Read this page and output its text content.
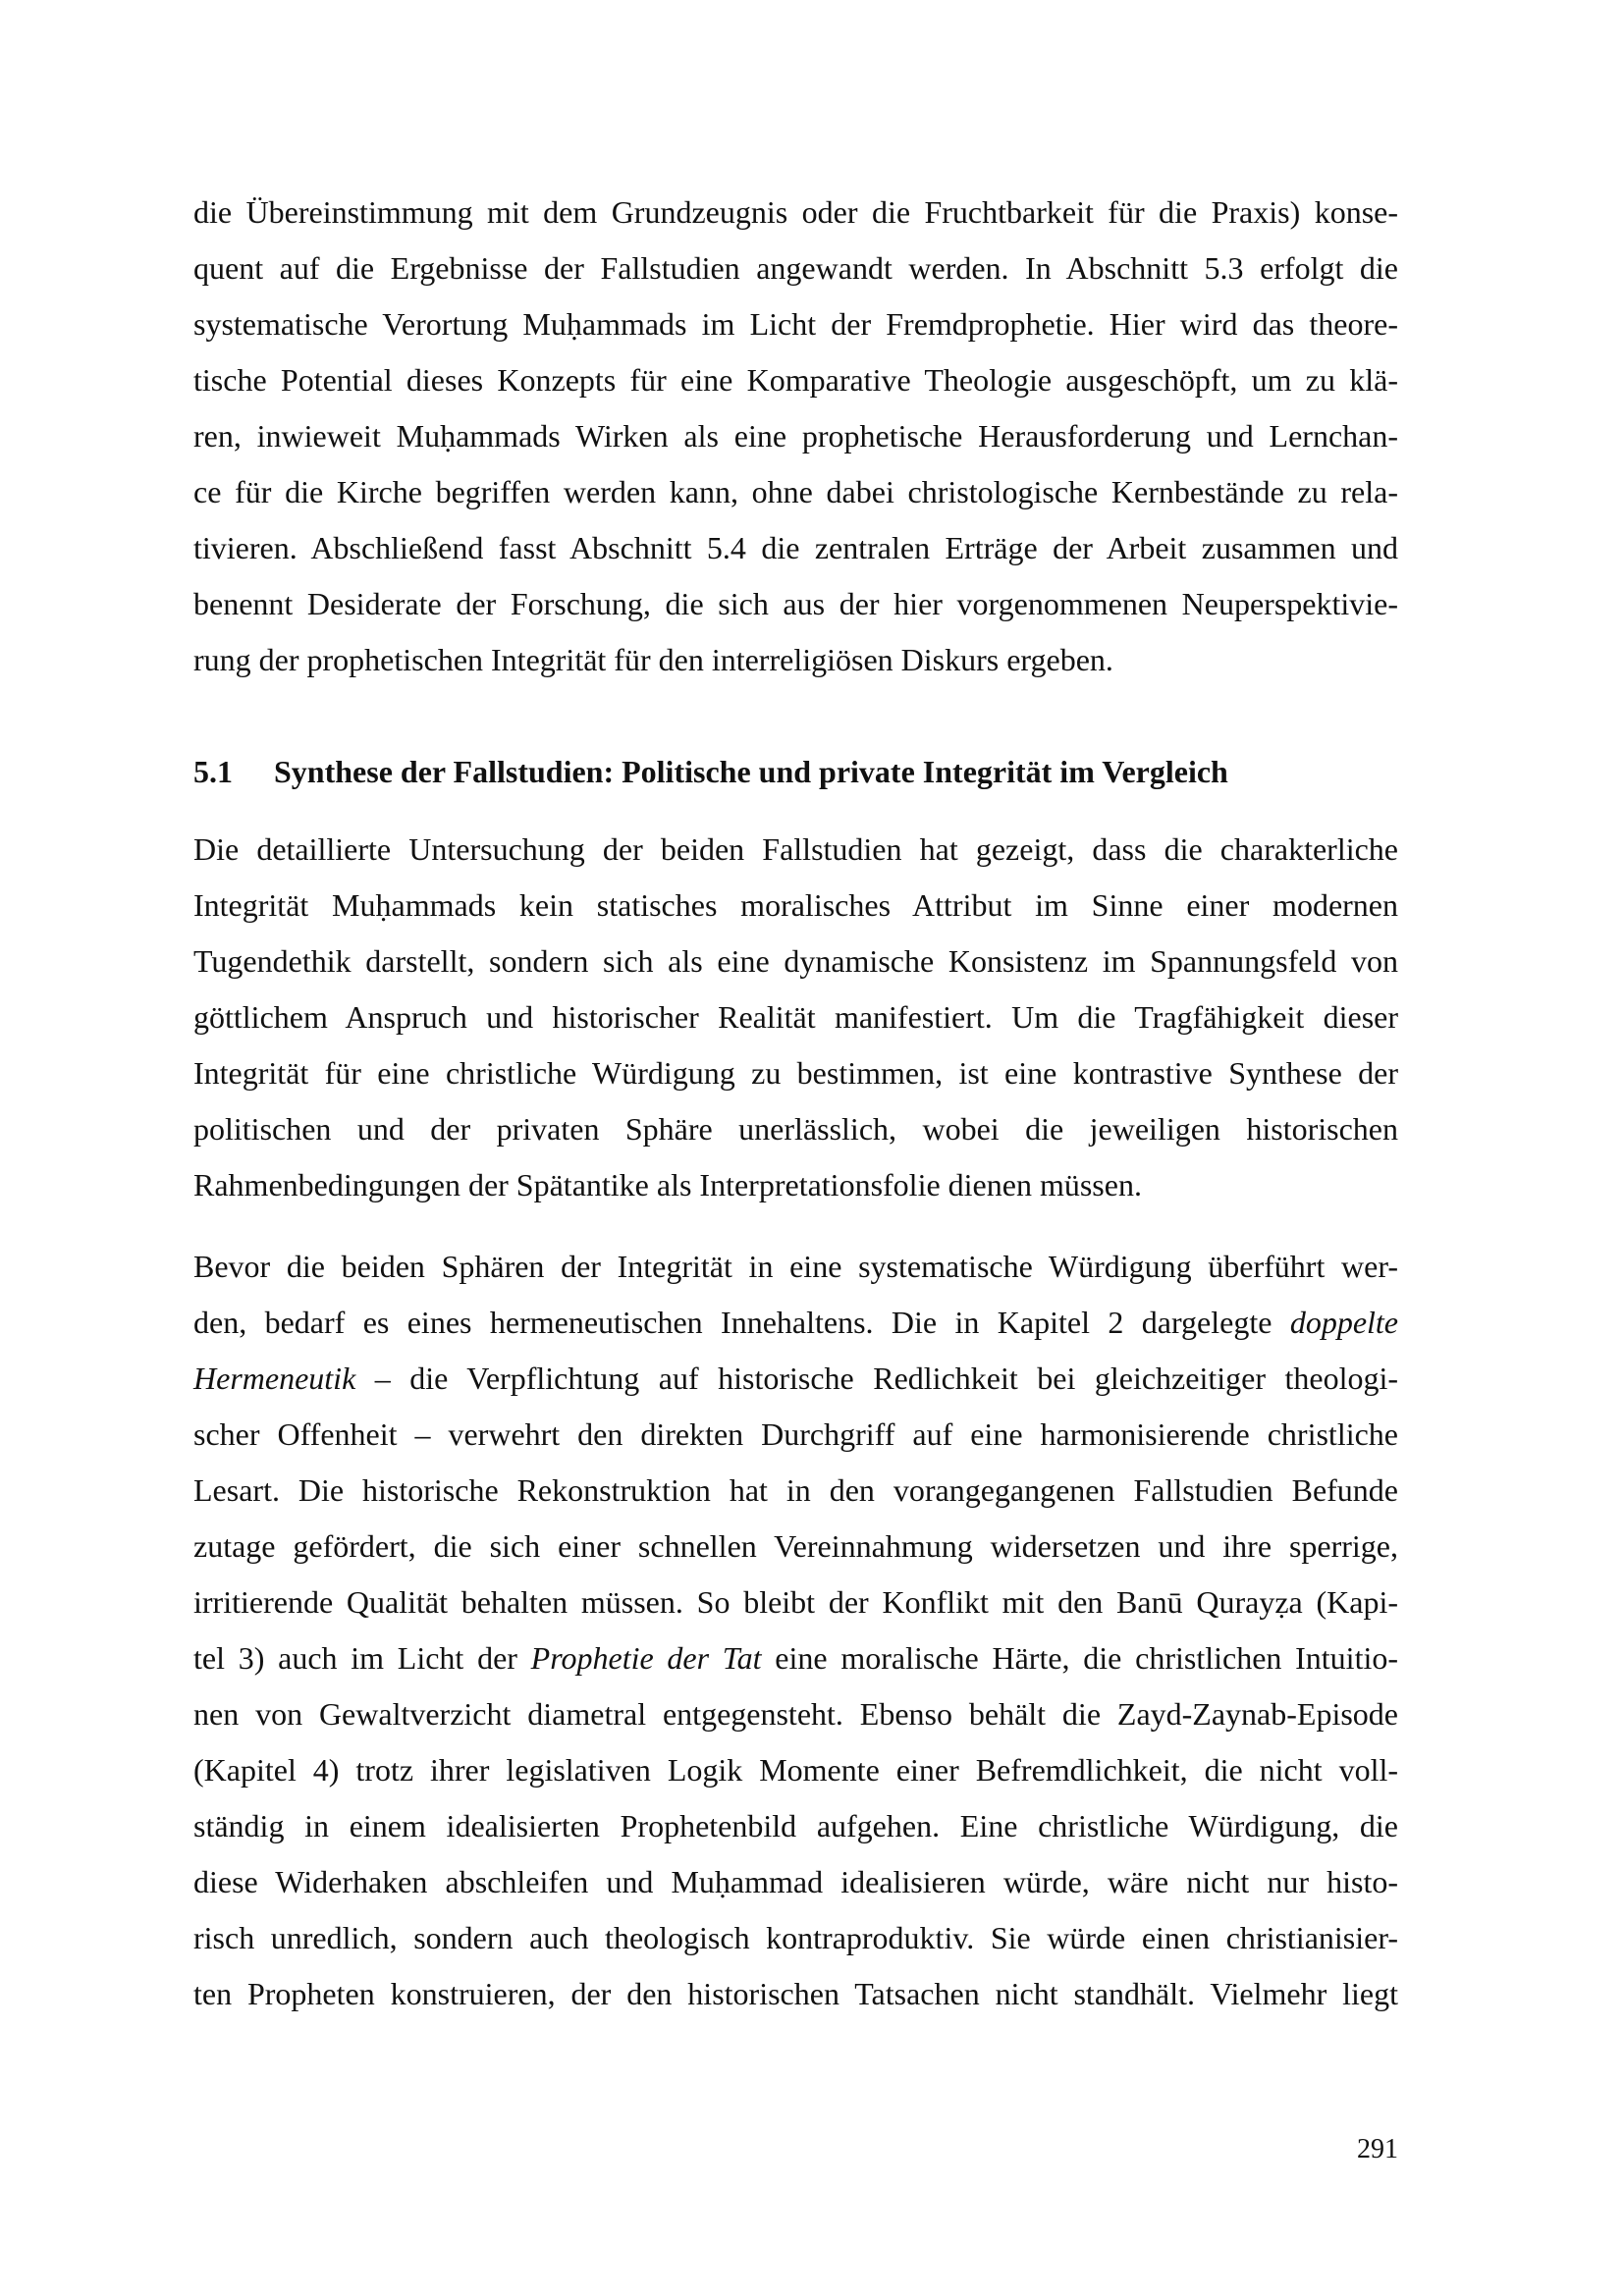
die Übereinstimmung mit dem Grundzeugnis oder die Fruchtbarkeit für die Praxis) konse-
quent auf die Ergebnisse der Fallstudien angewandt werden. In Abschnitt 5.3 erfolgt die
systematische Verortung Muḥammads im Licht der Fremdprophetie. Hier wird das theore-
tische Potential dieses Konzepts für eine Komparative Theologie ausgeschöpft, um zu klä-
ren, inwieweit Muḥammads Wirken als eine prophetische Herausforderung und Lernchan-
ce für die Kirche begriffen werden kann, ohne dabei christologische Kernbestände zu rela-
tivieren. Abschließend fasst Abschnitt 5.4 die zentralen Erträge der Arbeit zusammen und
benennt Desiderate der Forschung, die sich aus der hier vorgenommenen Neuperspektivie-
rung der prophetischen Integrität für den interreligiösen Diskurs ergeben.
5.1 Synthese der Fallstudien: Politische und private Integrität im Vergleich
Die detaillierte Untersuchung der beiden Fallstudien hat gezeigt, dass die charakterliche
Integrität Muḥammads kein statisches moralisches Attribut im Sinne einer modernen
Tugendethik darstellt, sondern sich als eine dynamische Konsistenz im Spannungsfeld von
göttlichem Anspruch und historischer Realität manifestiert. Um die Tragfähigkeit dieser
Integrität für eine christliche Würdigung zu bestimmen, ist eine kontrastive Synthese der
politischen und der privaten Sphäre unerlässlich, wobei die jeweiligen historischen
Rahmenbedingungen der Spätantike als Interpretationsfolie dienen müssen.
Bevor die beiden Sphären der Integrität in eine systematische Würdigung überführt wer-
den, bedarf es eines hermeneutischen Innehaltens. Die in Kapitel 2 dargelegte doppelte
Hermeneutik – die Verpflichtung auf historische Redlichkeit bei gleichzeitiger theologi-
scher Offenheit – verwehrt den direkten Durchgriff auf eine harmonisierende christliche
Lesart. Die historische Rekonstruktion hat in den vorangegangenen Fallstudien Befunde
zutage gefördert, die sich einer schnellen Vereinnahmung widersetzen und ihre sperrige,
irritierende Qualität behalten müssen. So bleibt der Konflikt mit den Banū Qurayẓa (Kapi-
tel 3) auch im Licht der Prophetie der Tat eine moralische Härte, die christlichen Intuitio-
nen von Gewaltverzicht diametral entgegensteht. Ebenso behält die Zayd-Zaynab-Episode
(Kapitel 4) trotz ihrer legislativen Logik Momente einer Befremdlichkeit, die nicht voll-
ständig in einem idealisierten Prophetenbild aufgehen. Eine christliche Würdigung, die
diese Widerhaken abschleifen und Muḥammad idealisieren würde, wäre nicht nur histo-
risch unredlich, sondern auch theologisch kontraproduktiv. Sie würde einen christianisier-
ten Propheten konstruieren, der den historischen Tatsachen nicht standhält. Vielmehr liegt
291
